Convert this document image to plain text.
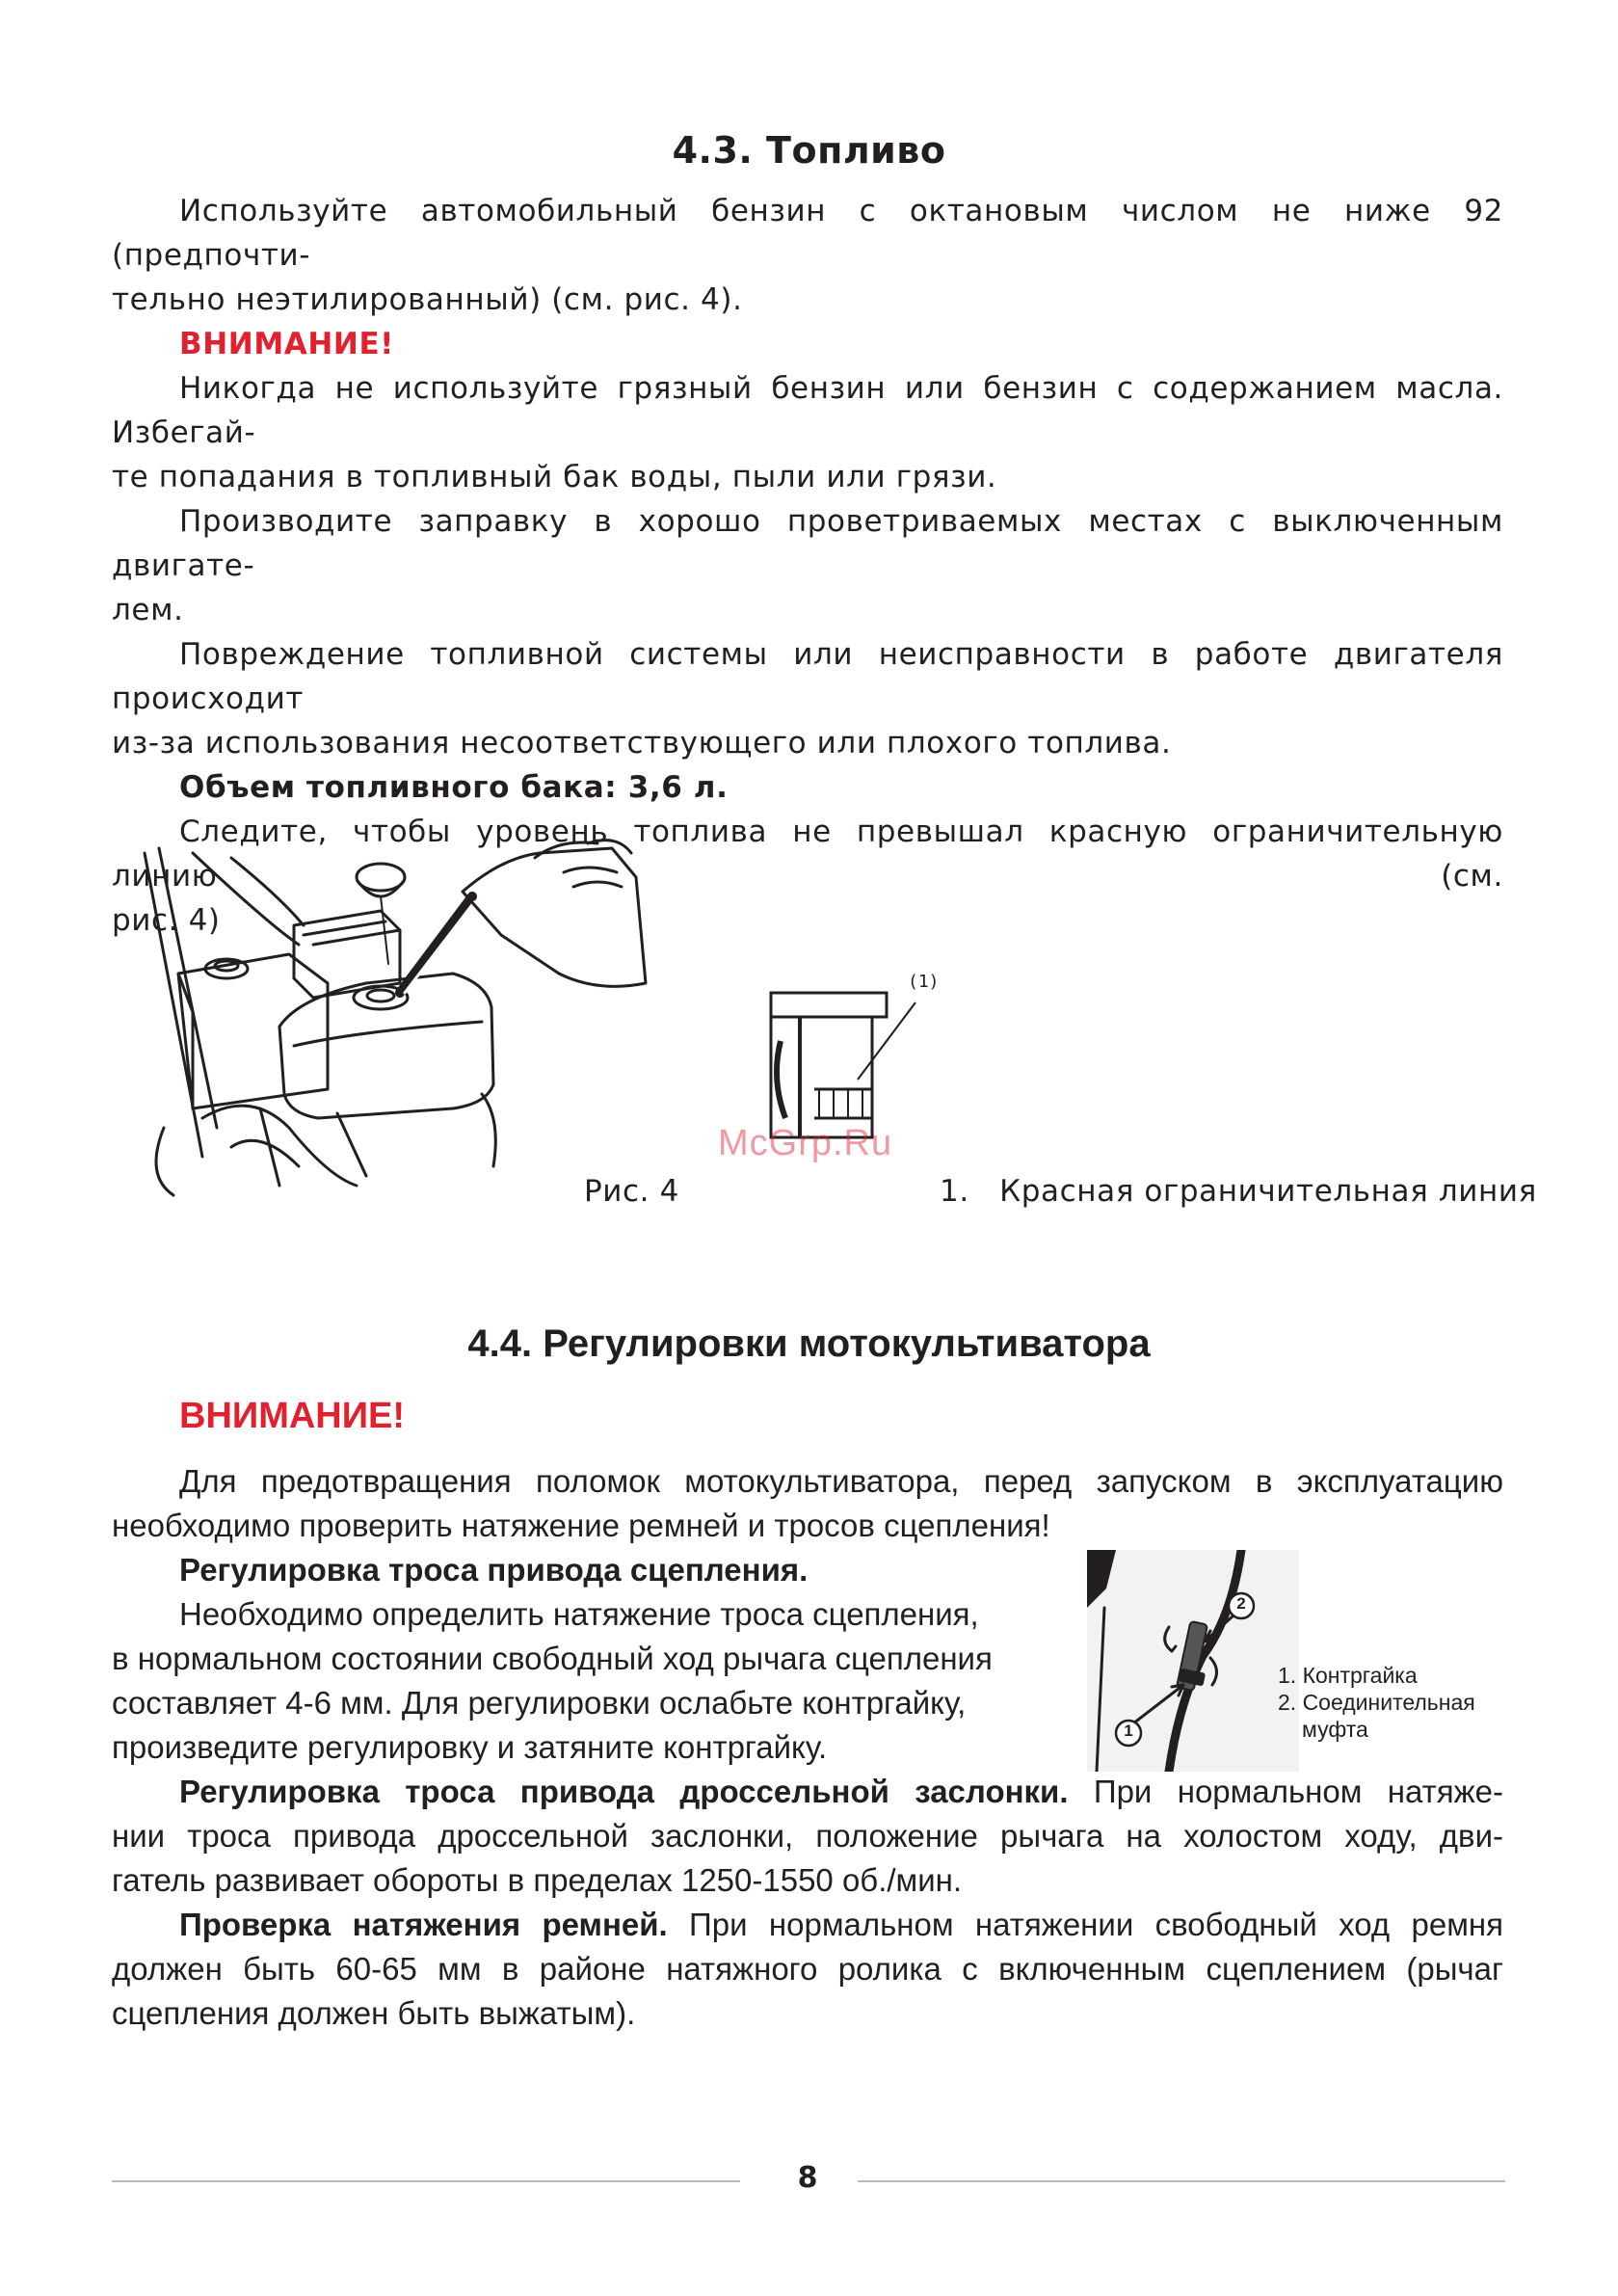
4.3. Топливо
Используйте автомобильный бензин с октановым числом не ниже 92 (предпочти-
тельно неэтилированный) (см. рис. 4).
ВНИМАНИЕ!
Никогда не используйте грязный бензин или бензин с содержанием масла. Избегай-
те попадания в топливный бак воды, пыли или грязи.
Производите заправку в хорошо проветриваемых местах с выключенным двигате-
лем.
Повреждение топливной системы или неисправности в работе двигателя происходит
из-за использования несоответствующего или плохого топлива.
Объем топливного бака: 3,6 л.
Следите, чтобы уровень топлива не превышал красную ограничительную линию (см.
рис. 4)
(1)
McGrp.Ru
Рис. 4	1.   Красная ограничительная линия
4.4. Регулировки мотокультиватора
ВНИМАНИЕ!
Для предотвращения поломок мотокультиватора, перед запуском в эксплуатацию
необходимо проверить натяжение ремней и тросов сцепления!
Регулировка троса привода сцепления.
Необходимо определить натяжение троса сцепления,
в нормальном состоянии свободный ход рычага сцепления
составляет 4-6 мм. Для регулировки ослабьте контргайку,
произведите регулировку и затяните контргайку.	1
2
1. Контргайка
2. Соединительная
муфта
Регулировка троса привода дроссельной заслонки. При нормальном натяже-
нии троса привода дроссельной заслонки, положение рычага на холостом ходу, дви-
гатель развивает обороты в пределах 1250-1550 об./мин.
Проверка натяжения ремней. При нормальном натяжении свободный ход ремня
должен быть 60-65 мм в районе натяжного ролика с включенным сцеплением (рычаг
сцепления должен быть выжатым).
8
